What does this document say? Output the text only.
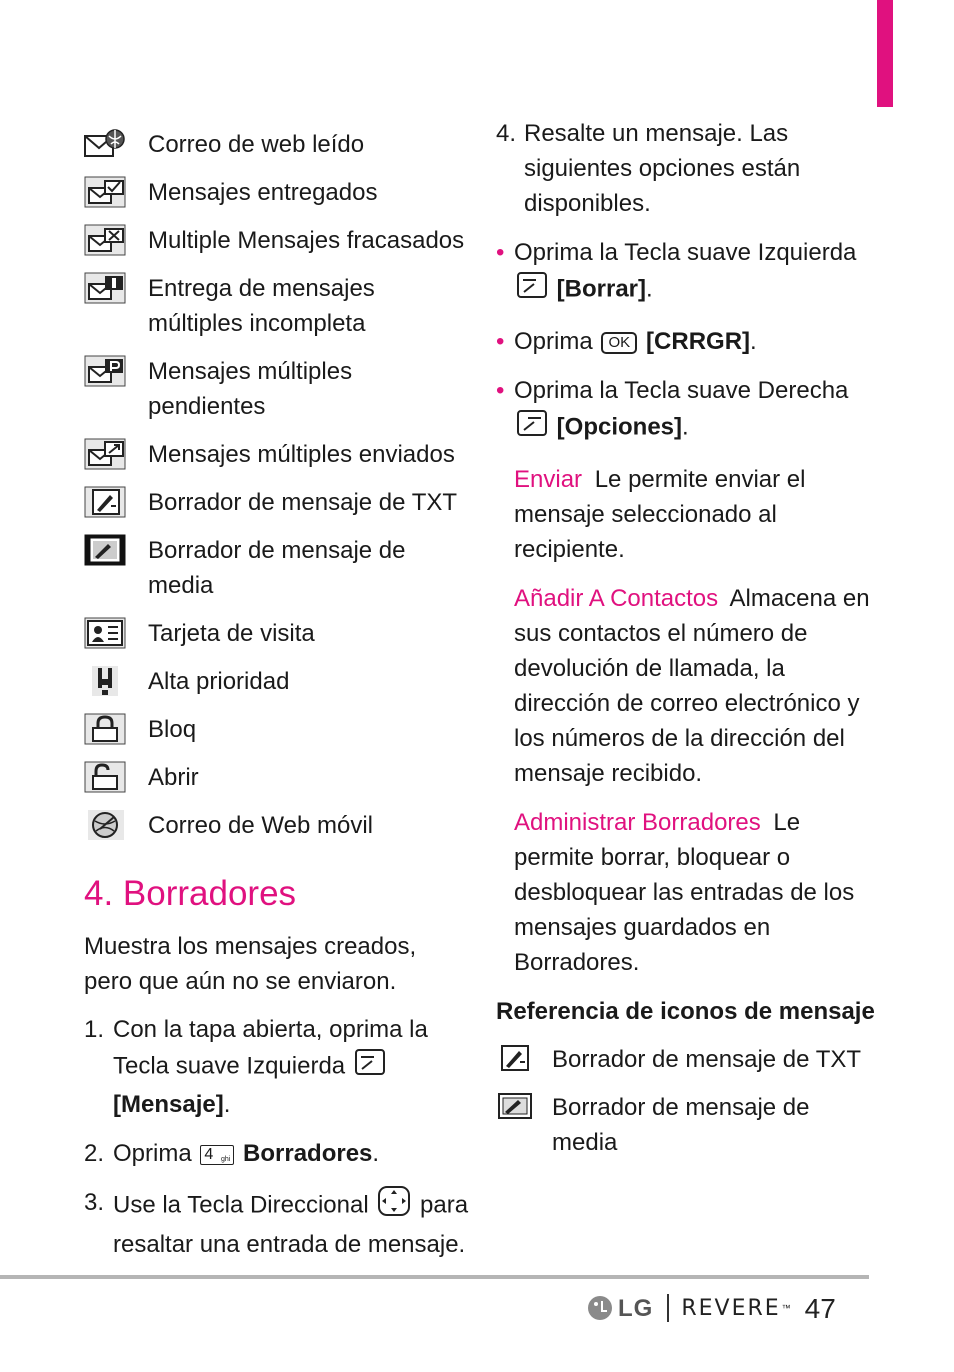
Correo de web leído
Mensajes entregados
Multiple Mensajes fracasados
Entrega de mensajes múltiples incompleta
Mensajes múltiples pendientes
Mensajes múltiples enviados
Borrador de mensaje de TXT
Borrador de mensaje de media
Tarjeta de visita
Alta prioridad
Bloq
Abrir
Correo de Web móvil
4. Borradores
Muestra los mensajes creados, pero que aún no se enviaron.
1. Con la tapa abierta, oprima la Tecla suave Izquierda  [Mensaje].
2. Oprima 4 ghi Borradores.
3. Use la Tecla Direccional para resaltar una entrada de mensaje.
4. Resalte un mensaje. Las siguientes opciones están disponibles.
• Oprima la Tecla suave Izquierda  [Borrar].
• Oprima OK [CRRGR].
• Oprima la Tecla suave Derecha  [Opciones].
Enviar Le permite enviar el mensaje seleccionado al recipiente.
Añadir A Contactos Almacena en sus contactos el número de devolución de llamada, la dirección de correo electrónico y los números de la dirección del mensaje recibido.
Administrar Borradores Le permite borrar, bloquear o desbloquear las entradas de los mensajes guardados en Borradores.
Referencia de iconos de mensaje
Borrador de mensaje de TXT
Borrador de mensaje de media
LG REVERE ™ 47
